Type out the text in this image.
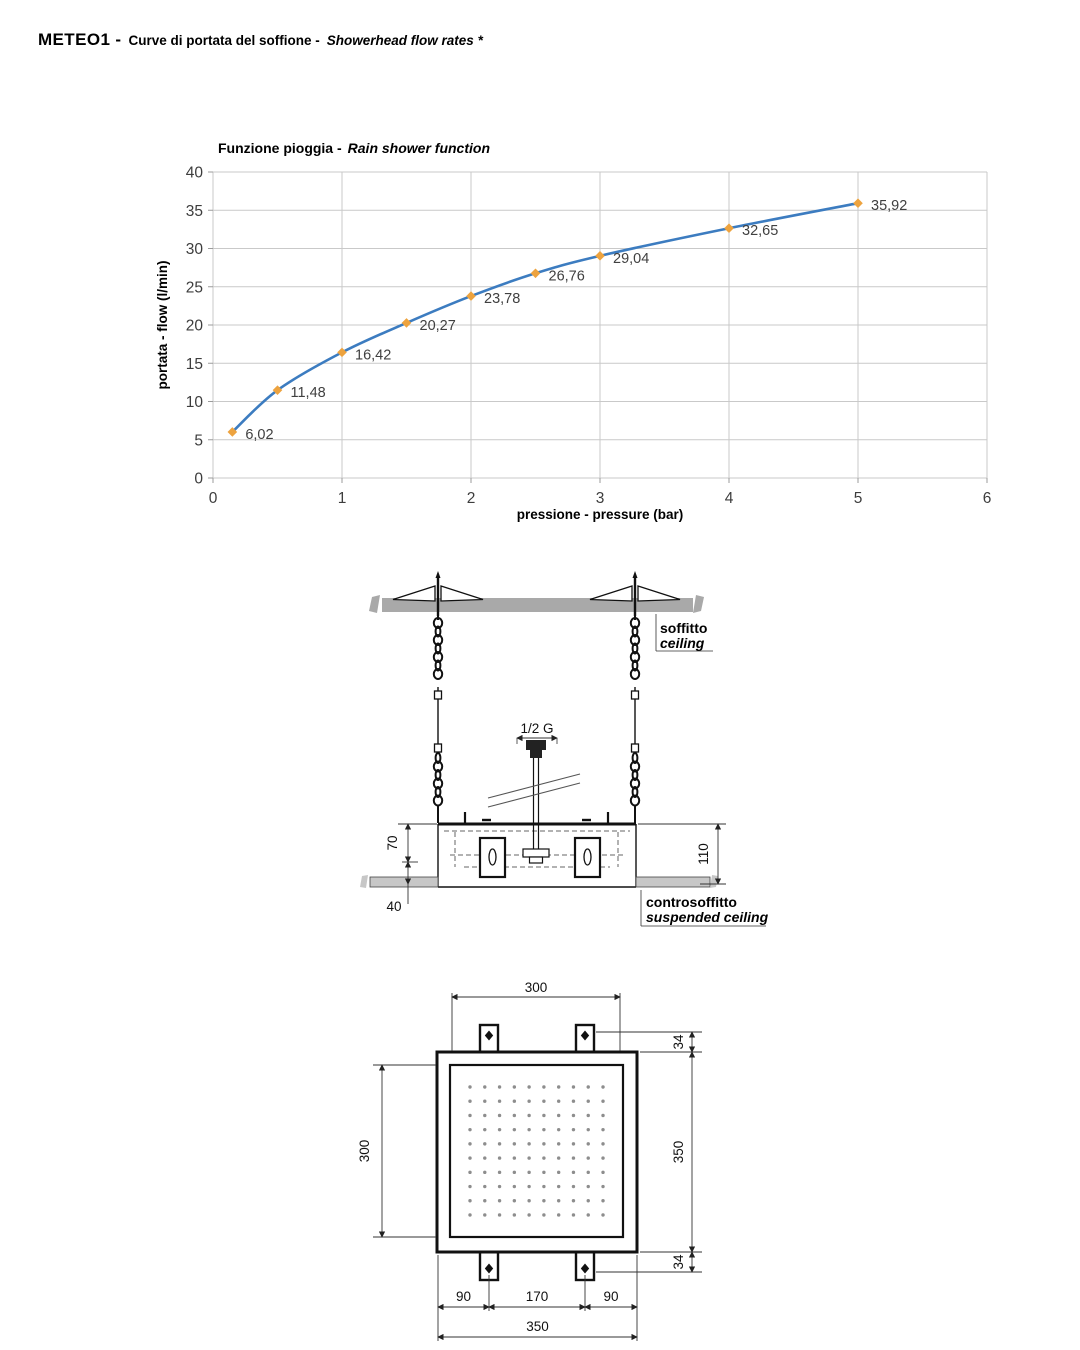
METEO1 - Curve di portata del soffione - Showerhead flow rates *
Funzione pioggia - Rain shower function
portata - flow (l/min)
pressione - pressure (bar)
0	1	2	3	4	5	6
0
5
10
15
20
25
30
35
40
6,02
11,48
16,42
20,27
23,78
26,76
29,04
32,65
35,92
70
40
110
1/2 G
soffitto
ceiling
controsoffitto
suspended ceiling
300
300
34
350
34
90	170	90
350
